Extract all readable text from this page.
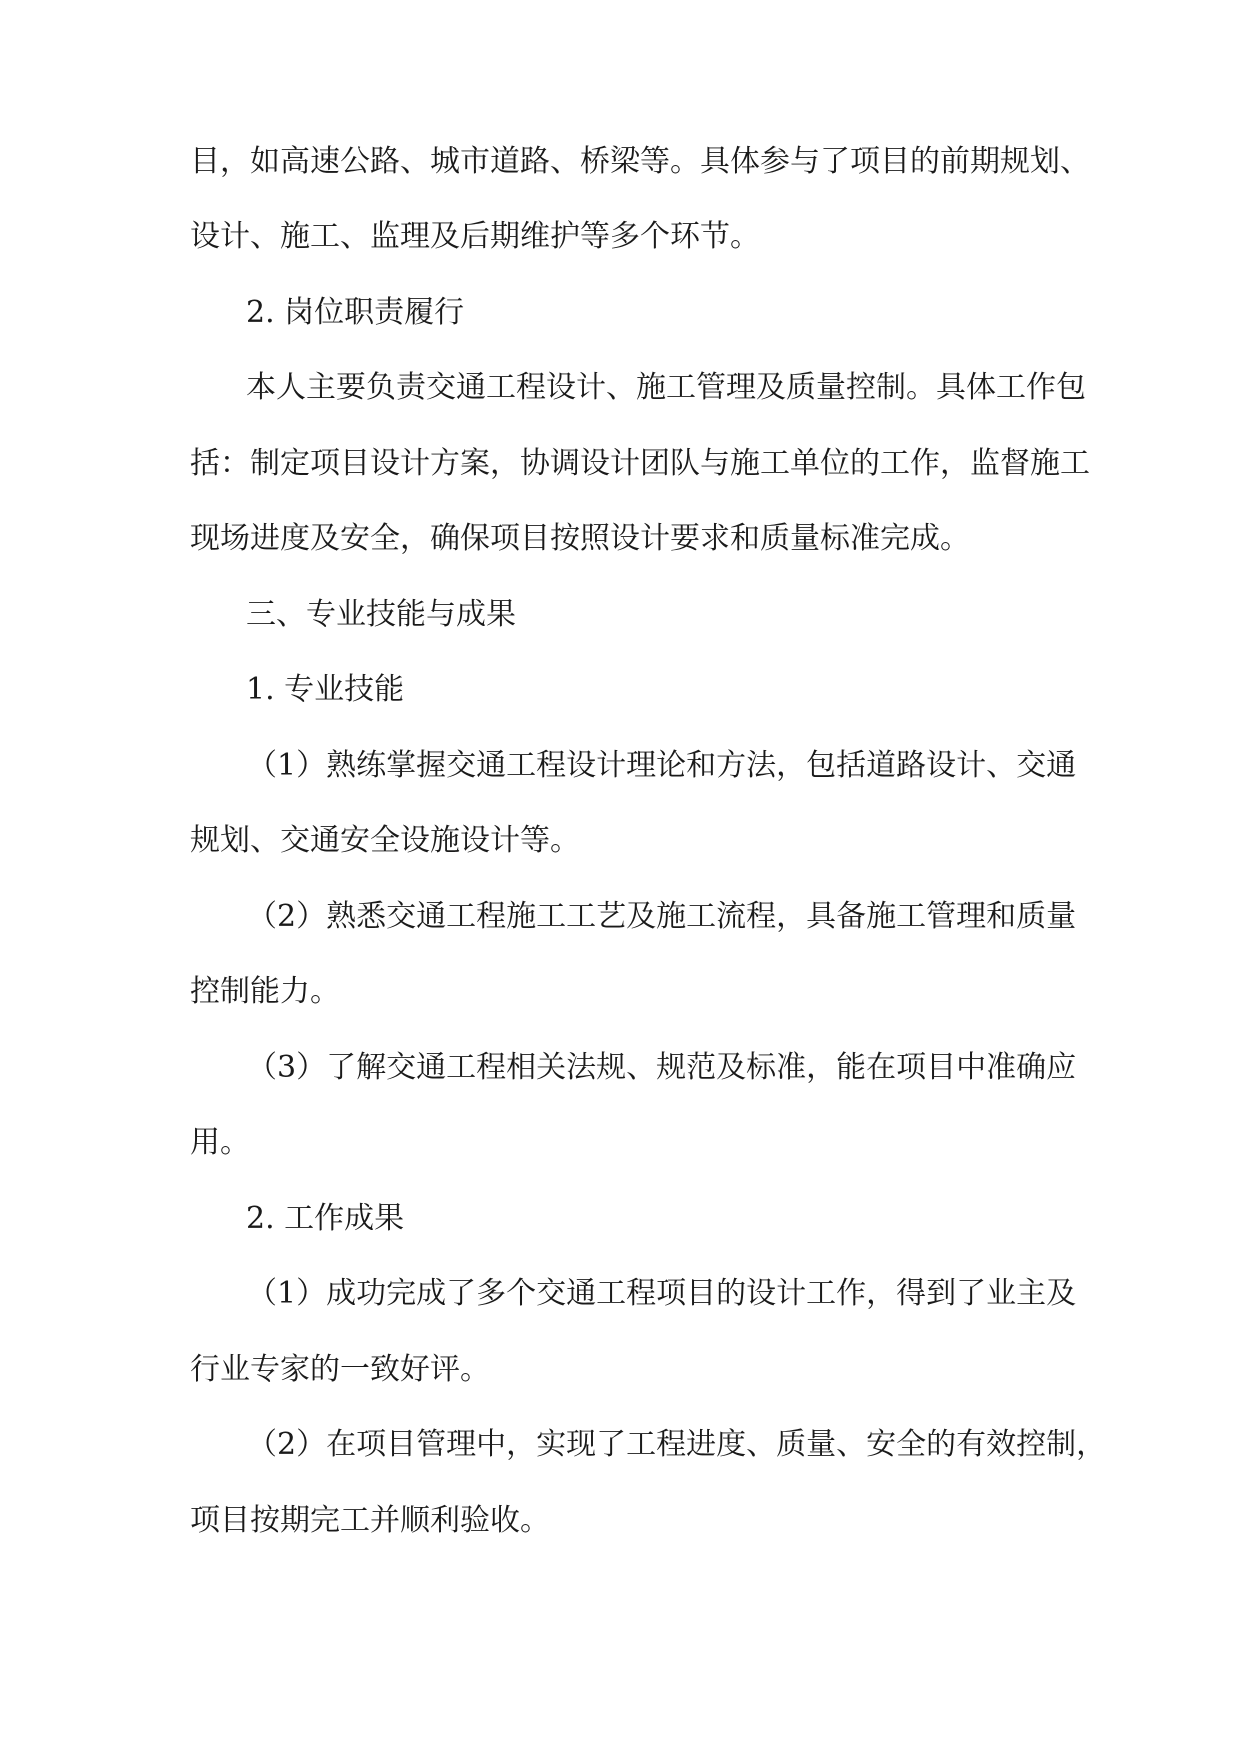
目，如高速公路、城市道路、桥梁等。具体参与了项目的前期规划、
设计、施工、监理及后期维护等多个环节。
2. 岗位职责履行
本人主要负责交通工程设计、施工管理及质量控制。具体工作包
括：制定项目设计方案，协调设计团队与施工单位的工作，监督施工
现场进度及安全，确保项目按照设计要求和质量标准完成。
三、专业技能与成果
1. 专业技能
（1）熟练掌握交通工程设计理论和方法，包括道路设计、交通
规划、交通安全设施设计等。
（2）熟悉交通工程施工工艺及施工流程，具备施工管理和质量
控制能力。
（3）了解交通工程相关法规、规范及标准，能在项目中准确应
用。
2. 工作成果
（1）成功完成了多个交通工程项目的设计工作，得到了业主及
行业专家的一致好评。
（2）在项目管理中，实现了工程进度、质量、安全的有效控制，
项目按期完工并顺利验收。
